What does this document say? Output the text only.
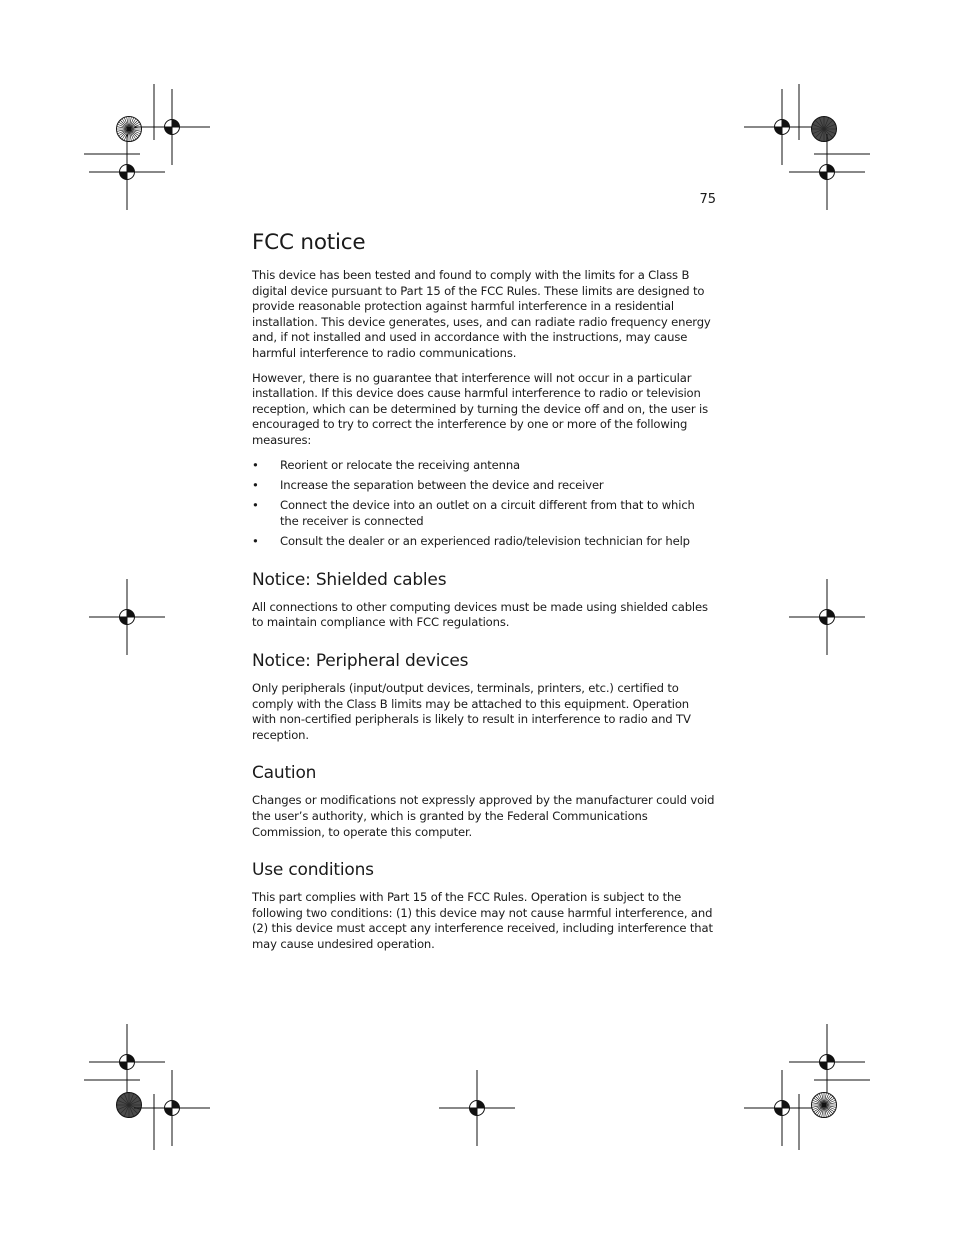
75
FCC notice

This device has been tested and found to comply with the limits for a Class B digital device pursuant to Part 15 of the FCC Rules. These limits are designed to provide reasonable protection against harmful interference in a residential installation. This device generates, uses, and can radiate radio frequency energy and, if not installed and used in accordance with the instructions, may cause harmful interference to radio communications.

However, there is no guarantee that interference will not occur in a particular installation. If this device does cause harmful interference to radio or television reception, which can be determined by turning the device off and on, the user is encouraged to try to correct the interference by one or more of the following measures:

• Reorient or relocate the receiving antenna
• Increase the separation between the device and receiver
• Connect the device into an outlet on a circuit different from that to which the receiver is connected
• Consult the dealer or an experienced radio/television technician for help
Notice: Shielded cables

All connections to other computing devices must be made using shielded cables to maintain compliance with FCC regulations.

Notice: Peripheral devices

Only peripherals (input/output devices, terminals, printers, etc.) certified to comply with the Class B limits may be attached to this equipment. Operation with non-certified peripherals is likely to result in interference to radio and TV reception.

Caution

Changes or modifications not expressly approved by the manufacturer could void the user’s authority, which is granted by the Federal Communications Commission, to operate this computer.

Use conditions

This part complies with Part 15 of the FCC Rules. Operation is subject to the following two conditions: (1) this device may not cause harmful interference, and (2) this device must accept any interference received, including interference that may cause undesired operation.
